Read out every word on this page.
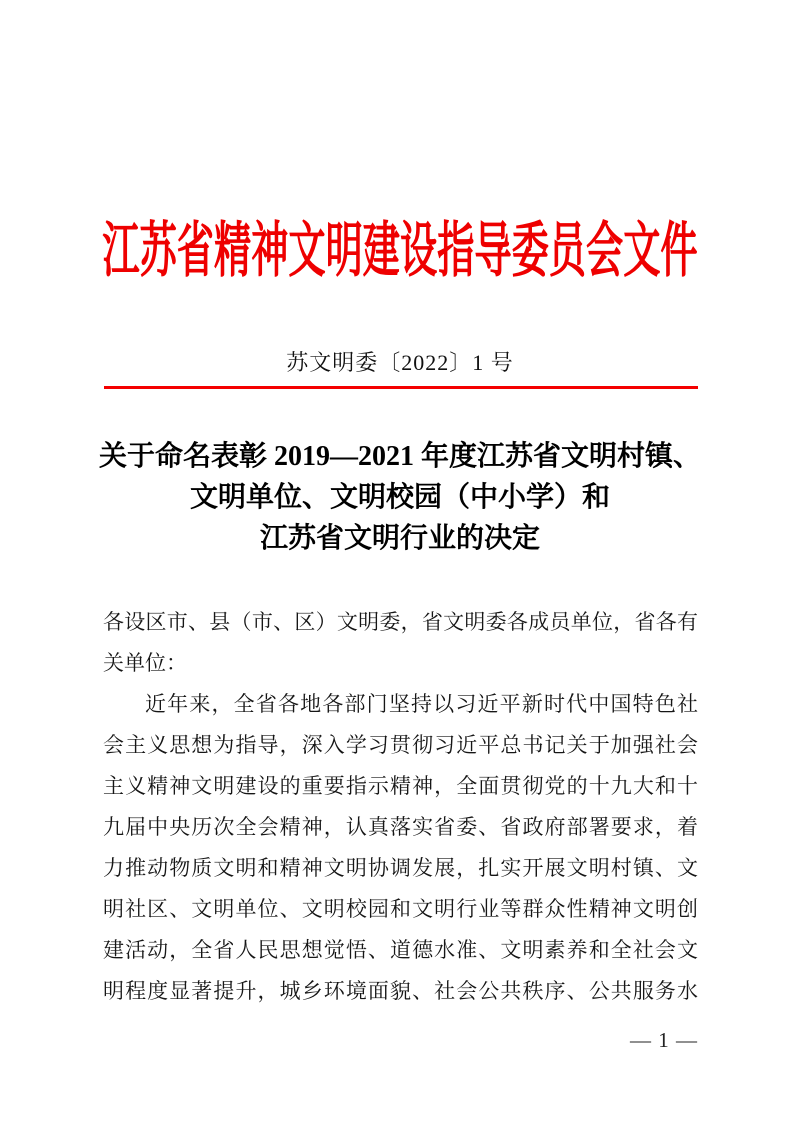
江苏省精神文明建设指导委员会文件
苏文明委〔2022〕1 号
关于命名表彰 2019—2021 年度江苏省文明村镇、
文明单位、文明校园（中小学）和
江苏省文明行业的决定
各设区市、县（市、区）文明委，省文明委各成员单位，省各有
关单位：
近年来，全省各地各部门坚持以习近平新时代中国特色社
会主义思想为指导，深入学习贯彻习近平总书记关于加强社会
主义精神文明建设的重要指示精神，全面贯彻党的十九大和十
九届中央历次全会精神，认真落实省委、省政府部署要求，着
力推动物质文明和精神文明协调发展，扎实开展文明村镇、文
明社区、文明单位、文明校园和文明行业等群众性精神文明创
建活动，全省人民思想觉悟、道德水准、文明素养和全社会文
明程度显著提升，城乡环境面貌、社会公共秩序、公共服务水
— 1 —
